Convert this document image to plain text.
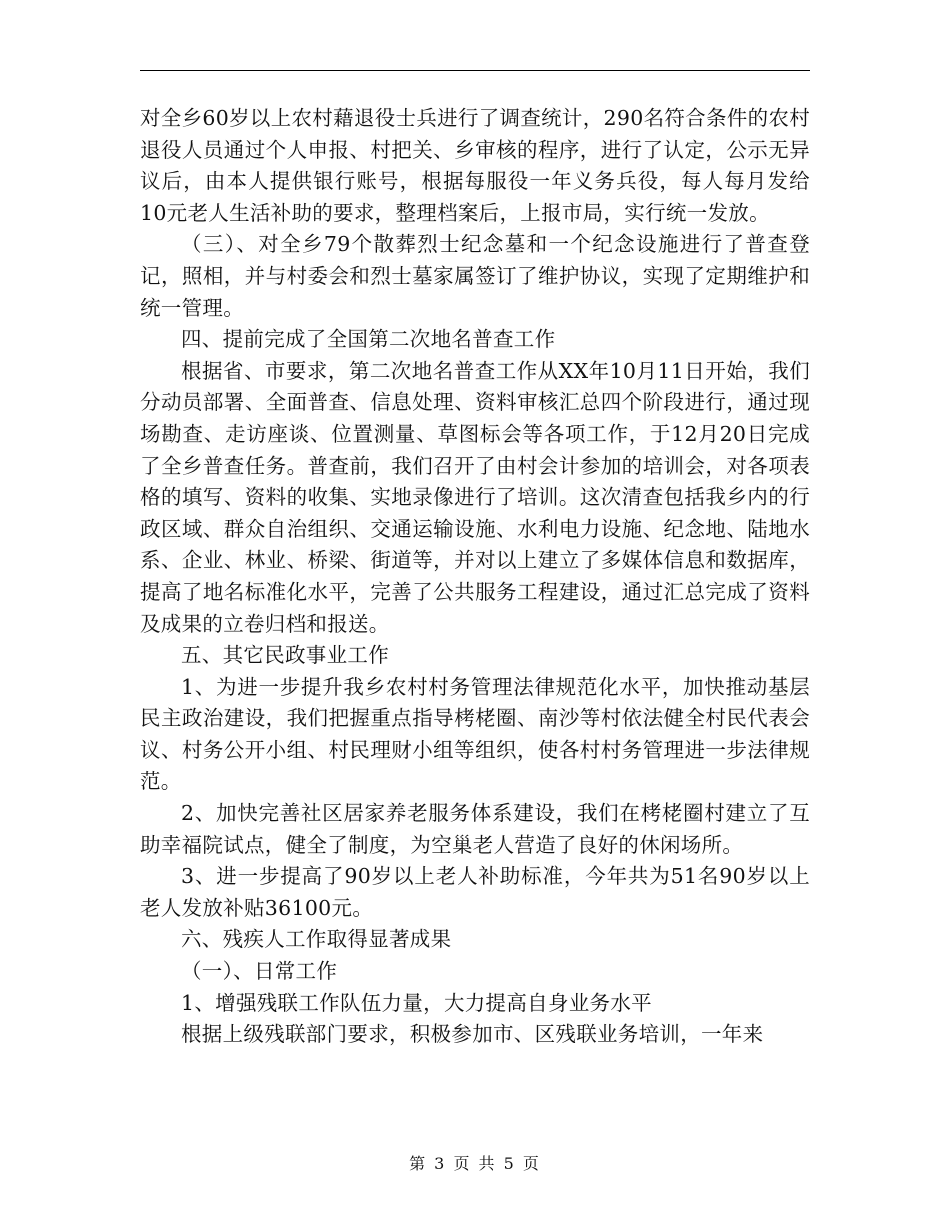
对全乡60岁以上农村藉退役士兵进行了调查统计，290名符合条件的农村退役人员通过个人申报、村把关、乡审核的程序，进行了认定，公示无异议后，由本人提供银行账号，根据每服役一年义务兵役，每人每月发给10元老人生活补助的要求，整理档案后，上报市局，实行统一发放。

（三）、对全乡79个散葬烈士纪念墓和一个纪念设施进行了普查登记，照相，并与村委会和烈士墓家属签订了维护协议，实现了定期维护和统一管理。

四、提前完成了全国第二次地名普查工作

根据省、市要求，第二次地名普查工作从XX年10月11日开始，我们分动员部署、全面普查、信息处理、资料审核汇总四个阶段进行，通过现场勘查、走访座谈、位置测量、草图标会等各项工作，于12月20日完成了全乡普查任务。普查前，我们召开了由村会计参加的培训会，对各项表格的填写、资料的收集、实地录像进行了培训。这次清查包括我乡内的行政区域、群众自治组织、交通运输设施、水利电力设施、纪念地、陆地水系、企业、林业、桥梁、街道等，并对以上建立了多媒体信息和数据库，提高了地名标准化水平，完善了公共服务工程建设，通过汇总完成了资料及成果的立卷归档和报送。

五、其它民政事业工作

1、为进一步提升我乡农村村务管理法律规范化水平，加快推动基层民主政治建设，我们把握重点指导栲栳圈、南沙等村依法健全村民代表会议、村务公开小组、村民理财小组等组织，使各村村务管理进一步法律规范。

2、加快完善社区居家养老服务体系建设，我们在栲栳圈村建立了互助幸福院试点，健全了制度，为空巢老人营造了良好的休闲场所。

3、进一步提高了90岁以上老人补助标准，今年共为51名90岁以上老人发放补贴36100元。

六、残疾人工作取得显著成果

（一）、日常工作

1、增强残联工作队伍力量，大力提高自身业务水平

根据上级残联部门要求，积极参加市、区残联业务培训，一年来

第 3 页 共 5 页
